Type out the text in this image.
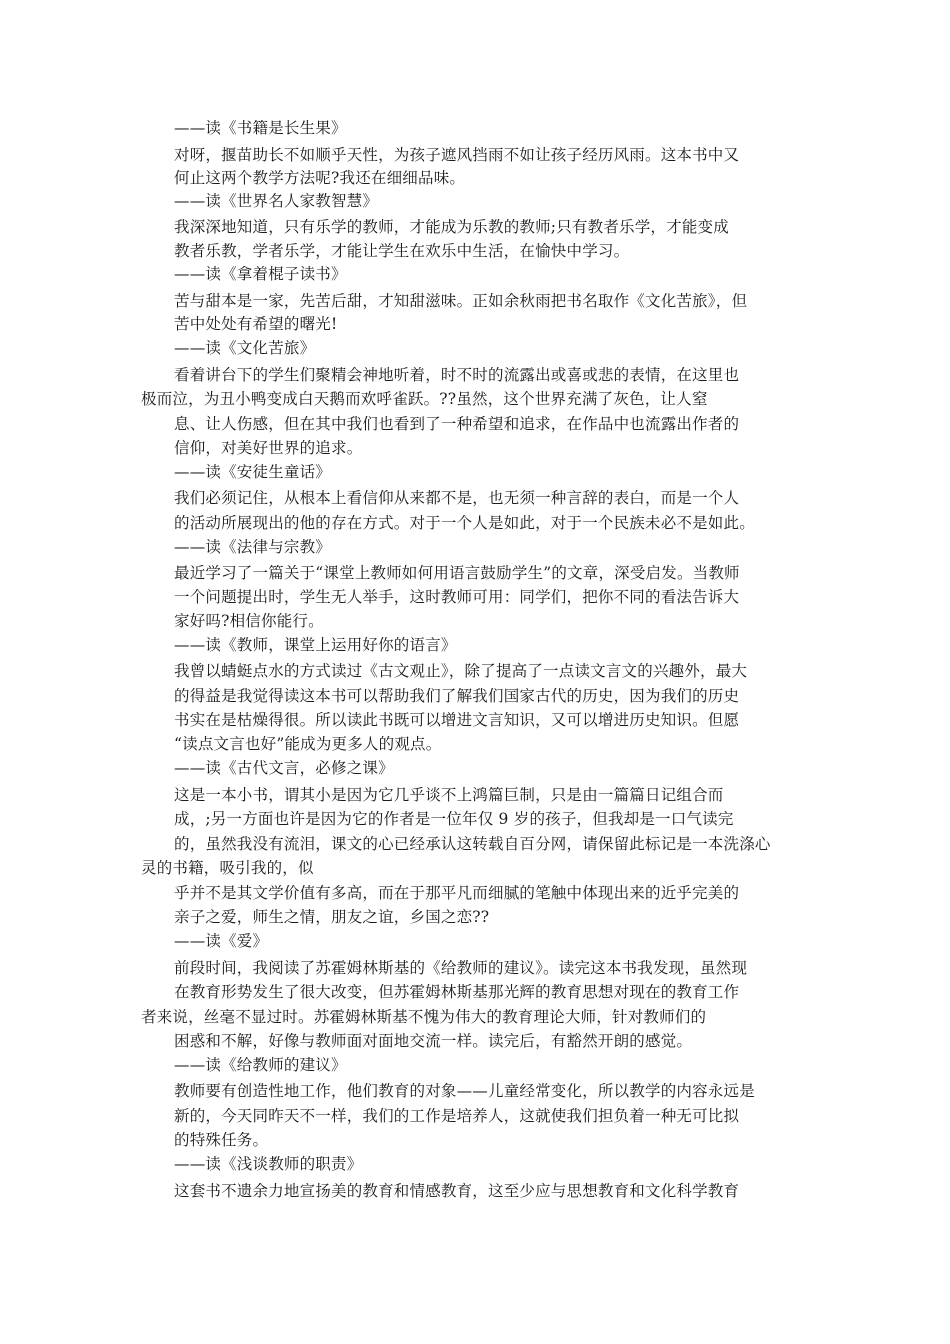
——读《书籍是长生果》
对呀，揠苗助长不如顺乎天性，为孩子遮风挡雨不如让孩子经历风雨。这本书中又
何止这两个教学方法呢?我还在细细品味。
——读《世界名人家教智慧》
我深深地知道，只有乐学的教师，才能成为乐教的教师;只有教者乐学，才能变成
教者乐教，学者乐学，才能让学生在欢乐中生活，在愉快中学习。
——读《拿着棍子读书》
苦与甜本是一家，先苦后甜，才知甜滋味。正如余秋雨把书名取作《文化苦旅》，但
苦中处处有希望的曙光!
——读《文化苦旅》
看着讲台下的学生们聚精会神地听着，时不时的流露出或喜或悲的表情，在这里也
极而泣，为丑小鸭变成白天鹅而欢呼雀跃。??虽然，这个世界充满了灰色，让人窒
息、让人伤感，但在其中我们也看到了一种希望和追求，在作品中也流露出作者的
信仰，对美好世界的追求。
——读《安徒生童话》
我们必须记住，从根本上看信仰从来都不是，也无须一种言辞的表白，而是一个人
的活动所展现出的他的存在方式。对于一个人是如此，对于一个民族未必不是如此。
——读《法律与宗教》
最近学习了一篇关于“课堂上教师如何用语言鼓励学生”的文章，深受启发。当教师
一个问题提出时，学生无人举手，这时教师可用：同学们，把你不同的看法告诉大
家好吗?相信你能行。
——读《教师，课堂上运用好你的语言》
我曾以蜻蜓点水的方式读过《古文观止》，除了提高了一点读文言文的兴趣外，最大
的得益是我觉得读这本书可以帮助我们了解我们国家古代的历史，因为我们的历史
书实在是枯燥得很。所以读此书既可以增进文言知识，又可以增进历史知识。但愿
“读点文言也好”能成为更多人的观点。
——读《古代文言，必修之课》
这是一本小书，谓其小是因为它几乎谈不上鸿篇巨制，只是由一篇篇日记组合而
成，;另一方面也许是因为它的作者是一位年仅 9 岁的孩子，但我却是一口气读完
的，虽然我没有流泪，课文的心已经承认这转载自百分网，请保留此标记是一本洗涤心
灵的书籍，吸引我的，似
乎并不是其文学价值有多高，而在于那平凡而细腻的笔触中体现出来的近乎完美的
亲子之爱，师生之情，朋友之谊，乡国之恋??
——读《爱》
前段时间，我阅读了苏霍姆林斯基的《给教师的建议》。读完这本书我发现，虽然现
在教育形势发生了很大改变，但苏霍姆林斯基那光辉的教育思想对现在的教育工作
者来说，丝毫不显过时。苏霍姆林斯基不愧为伟大的教育理论大师，针对教师们的
困惑和不解，好像与教师面对面地交流一样。读完后，有豁然开朗的感觉。
——读《给教师的建议》
教师要有创造性地工作，他们教育的对象——儿童经常变化，所以教学的内容永远是
新的，今天同昨天不一样，我们的工作是培养人，这就使我们担负着一种无可比拟
的特殊任务。
——读《浅谈教师的职责》
这套书不遗余力地宣扬美的教育和情感教育，这至少应与思想教育和文化科学教育
